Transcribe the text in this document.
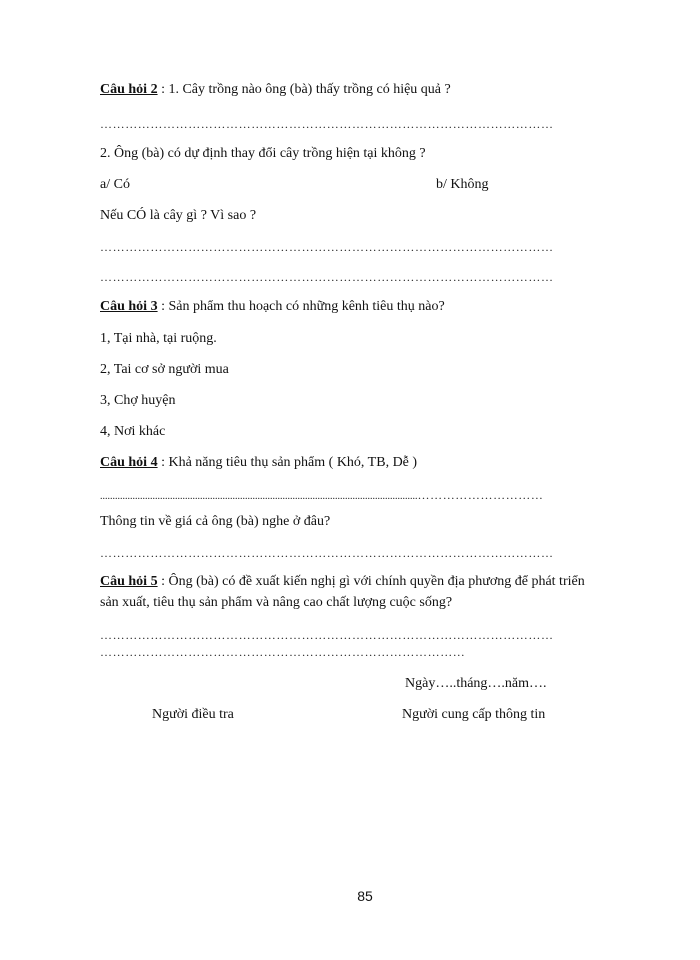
Câu hỏi 2 : 1. Cây trồng nào ông (bà) thấy trồng có hiệu quả ?
………………………………………………………………………………………………
2. Ông (bà) có dự định thay đổi cây trồng hiện tại không ?
a/ Có	b/ Không
Nếu CÓ là cây gì ? Vì sao ?
………………………………………………………………………………………………
………………………………………………………………………………………………
Câu hỏi 3 : Sản phẩm thu hoạch có những kênh tiêu thụ nào?
1, Tại nhà, tại ruộng.
2, Tai cơ sở người mua
3, Chợ huyện
4, Nơi khác
Câu hỏi 4 : Khả năng tiêu thụ sản phẩm ( Khó, TB, Dễ )
...............................................................................................................................…………………………
Thông tin về giá cả ông (bà) nghe ở đâu?
………………………………………………………………………………………………
Câu hỏi 5 : Ông (bà) có đề xuất kiến nghị gì với chính quyền địa phương để phát triển
sản xuất, tiêu thụ sản phẩm và nâng cao chất lượng cuộc sống?
………………………………………………………………………………………………
……………………………………………………………………………
Ngày…..tháng….năm….
Người điều tra	Người cung cấp thông tin
85
